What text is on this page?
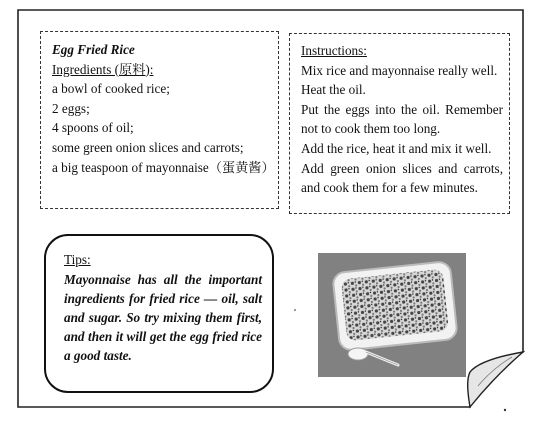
Egg Fried Rice
Ingredients (原料):
a bowl of cooked rice;
2 eggs;
4 spoons of oil;
some green onion slices and carrots;
a big teaspoon of mayonnaise（蛋黄酱）
Instructions:
Mix rice and mayonnaise really well.
Heat the oil.
Put the eggs into the oil. Remember not to cook them too long.
Add the rice, heat it and mix it well.
Add green onion slices and carrots, and cook them for a few minutes.
Tips:
Mayonnaise has all the important ingredients for fried rice — oil, salt and sugar. So try mixing them first, and then it will get the egg fried rice a good taste.
